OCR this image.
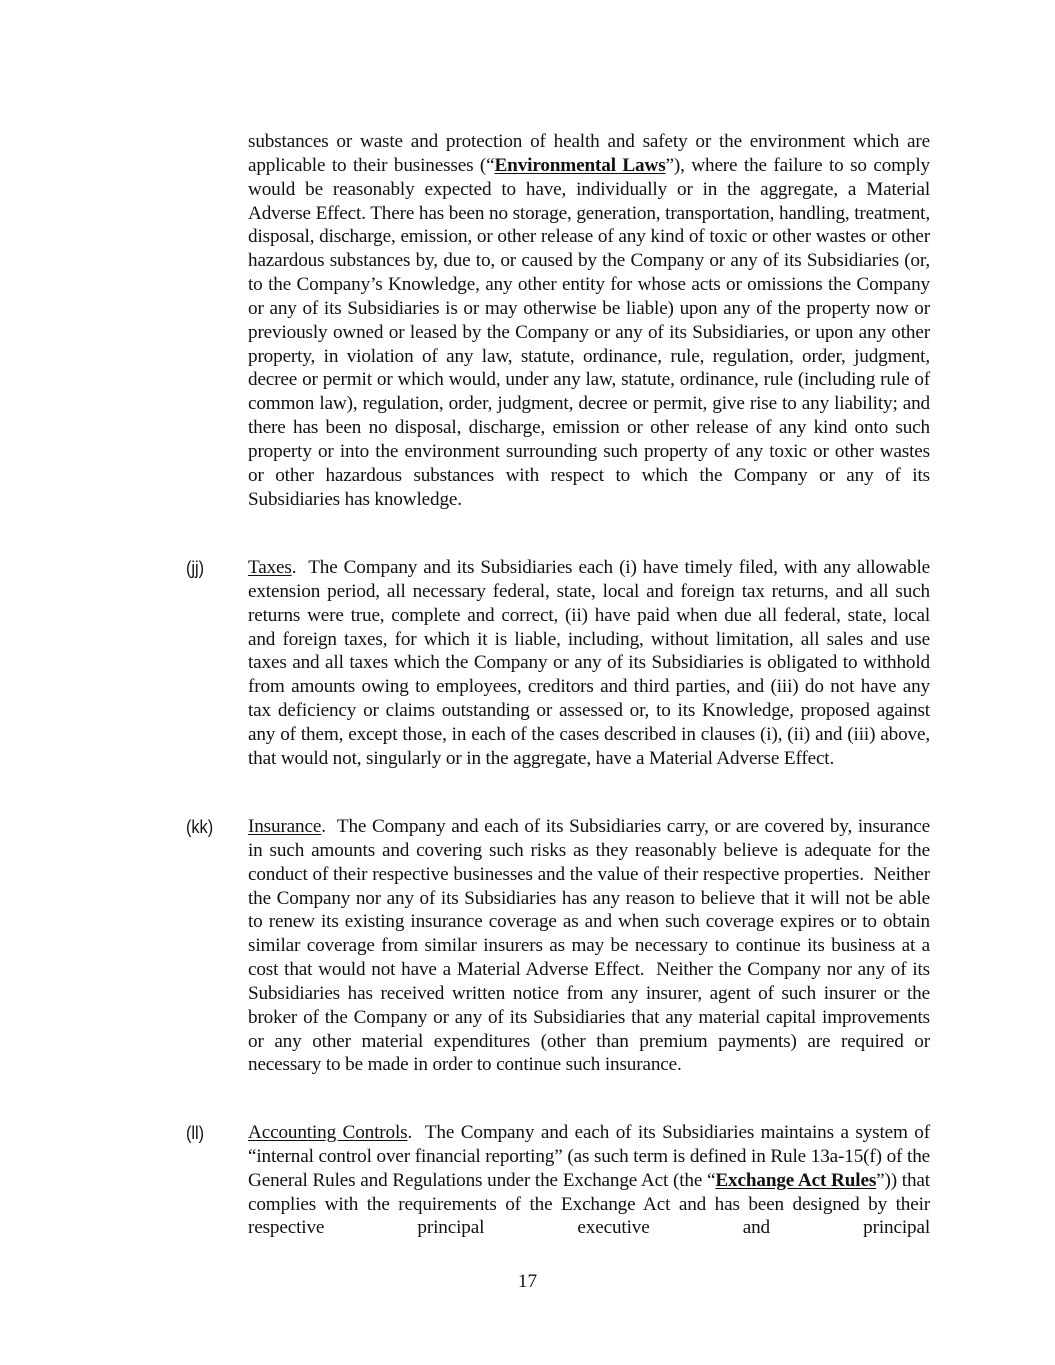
substances or waste and protection of health and safety or the environment which are applicable to their businesses (“Environmental Laws”), where the failure to so comply would be reasonably expected to have, individually or in the aggregate, a Material Adverse Effect. There has been no storage, generation, transportation, handling, treatment, disposal, discharge, emission, or other release of any kind of toxic or other wastes or other hazardous substances by, due to, or caused by the Company or any of its Subsidiaries (or, to the Company’s Knowledge, any other entity for whose acts or omissions the Company or any of its Subsidiaries is or may otherwise be liable) upon any of the property now or previously owned or leased by the Company or any of its Subsidiaries, or upon any other property, in violation of any law, statute, ordinance, rule, regulation, order, judgment, decree or permit or which would, under any law, statute, ordinance, rule (including rule of common law), regulation, order, judgment, decree or permit, give rise to any liability; and there has been no disposal, discharge, emission or other release of any kind onto such property or into the environment surrounding such property of any toxic or other wastes or other hazardous substances with respect to which the Company or any of its Subsidiaries has knowledge.
(jj) Taxes.  The Company and its Subsidiaries each (i) have timely filed, with any allowable extension period, all necessary federal, state, local and foreign tax returns, and all such returns were true, complete and correct, (ii) have paid when due all federal, state, local and foreign taxes, for which it is liable, including, without limitation, all sales and use taxes and all taxes which the Company or any of its Subsidiaries is obligated to withhold from amounts owing to employees, creditors and third parties, and (iii) do not have any tax deficiency or claims outstanding or assessed or, to its Knowledge, proposed against any of them, except those, in each of the cases described in clauses (i), (ii) and (iii) above, that would not, singularly or in the aggregate, have a Material Adverse Effect.
(kk) Insurance.  The Company and each of its Subsidiaries carry, or are covered by, insurance in such amounts and covering such risks as they reasonably believe is adequate for the conduct of their respective businesses and the value of their respective properties.  Neither the Company nor any of its Subsidiaries has any reason to believe that it will not be able to renew its existing insurance coverage as and when such coverage expires or to obtain similar coverage from similar insurers as may be necessary to continue its business at a cost that would not have a Material Adverse Effect.  Neither the Company nor any of its Subsidiaries has received written notice from any insurer, agent of such insurer or the broker of the Company or any of its Subsidiaries that any material capital improvements or any other material expenditures (other than premium payments) are required or necessary to be made in order to continue such insurance.
(ll) Accounting Controls.  The Company and each of its Subsidiaries maintains a system of “internal control over financial reporting” (as such term is defined in Rule 13a-15(f) of the General Rules and Regulations under the Exchange Act (the “Exchange Act Rules”)) that complies with the requirements of the Exchange Act and has been designed by their respective principal executive and principal
17
